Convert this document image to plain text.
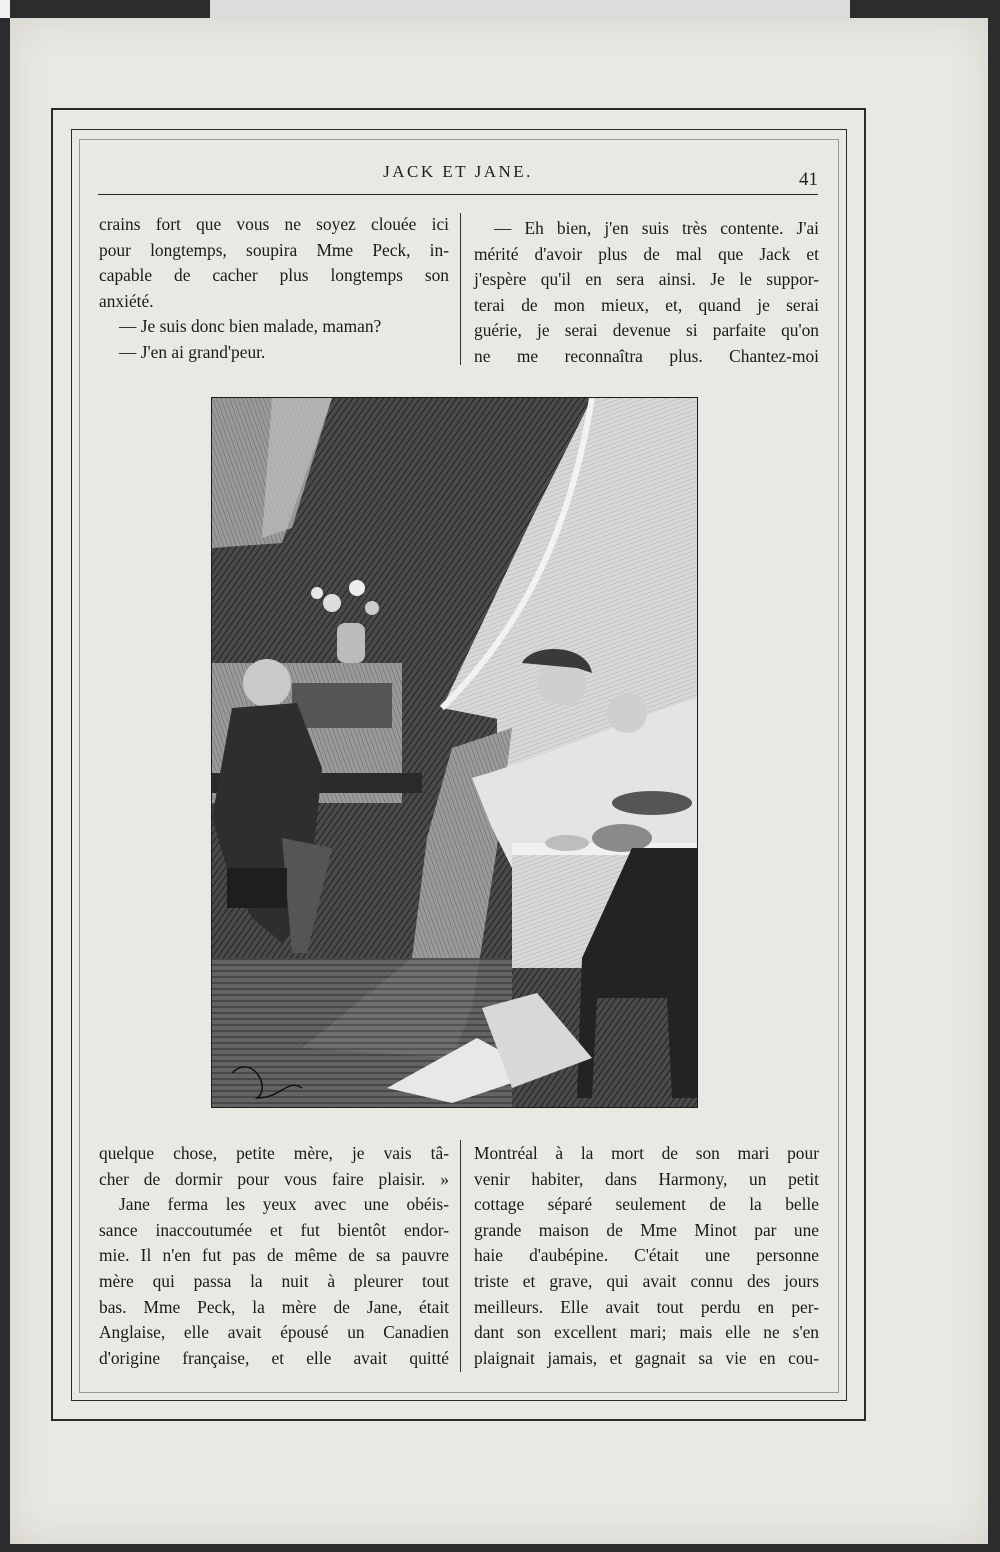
JACK ET JANE.	41

crains fort que vous ne soyez clouée ici

pour longtemps, soupira Mme Peck, in-

capable de cacher plus longtemps son

anxiété.

— Je suis donc bien malade, maman?

— J'en ai grand'peur.

— Eh bien, j'en suis très contente. J'ai

mérité d'avoir plus de mal que Jack et

j'espère qu'il en sera ainsi. Je le suppor-

terai de mon mieux, et, quand je serai

guérie, je serai devenue si parfaite qu'on

ne me reconnaîtra plus. Chantez-moi

quelque chose, petite mère, je vais tâ-

cher de dormir pour vous faire plaisir. »

Jane ferma les yeux avec une obéis-

sance inaccoutumée et fut bientôt endor-

mie. Il n'en fut pas de même de sa pauvre

mère qui passa la nuit à pleurer tout

bas. Mme Peck, la mère de Jane, était

Anglaise, elle avait épousé un Canadien

d'origine française, et elle avait quitté

Montréal à la mort de son mari pour

venir habiter, dans Harmony, un petit

cottage séparé seulement de la belle

grande maison de Mme Minot par une

haie d'aubépine. C'était une personne

triste et grave, qui avait connu des jours

meilleurs. Elle avait tout perdu en per-

dant son excellent mari; mais elle ne s'en

plaignait jamais, et gagnait sa vie en cou-
